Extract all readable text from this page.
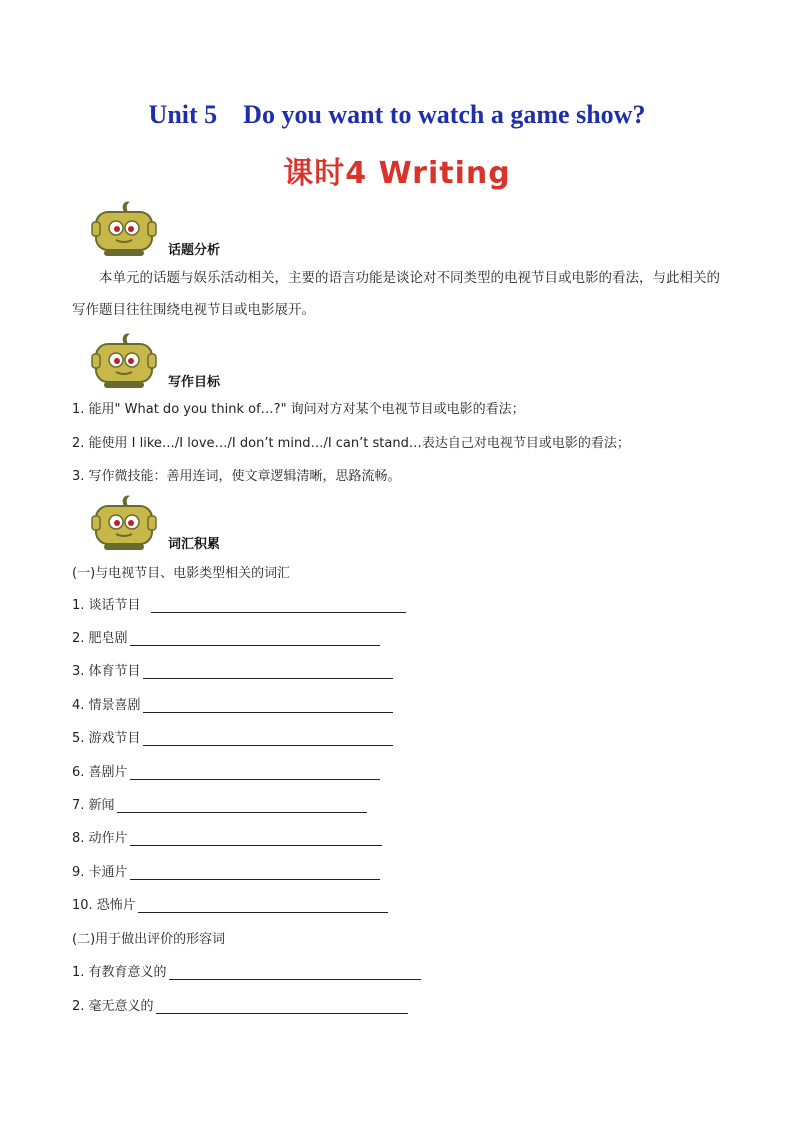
Unit 5    Do you want to watch a game show?
课时4 Writing
话题分析
本单元的话题与娱乐活动相关，主要的语言功能是谈论对不同类型的电视节目或电影的看法，与此相关的写作题目往往围绕电视节目或电影展开。
写作目标
1. 能用" What do you think of…?" 询问对方对某个电视节目或电影的看法；
2. 能使用 I like…/I love…/I don’t mind…/I can’t stand…表达自己对电视节目或电影的看法；
3. 写作微技能：善用连词，使文章逻辑清晰，思路流畅。
词汇积累
(一)与电视节目、电影类型相关的词汇
1. 谈话节目
2. 肥皂剧
3. 体育节目
4. 情景喜剧
5. 游戏节目
6. 喜剧片
7. 新闻
8. 动作片
9. 卡通片
10. 恐怖片
(二)用于做出评价的形容词
1. 有教育意义的
2. 毫无意义的
